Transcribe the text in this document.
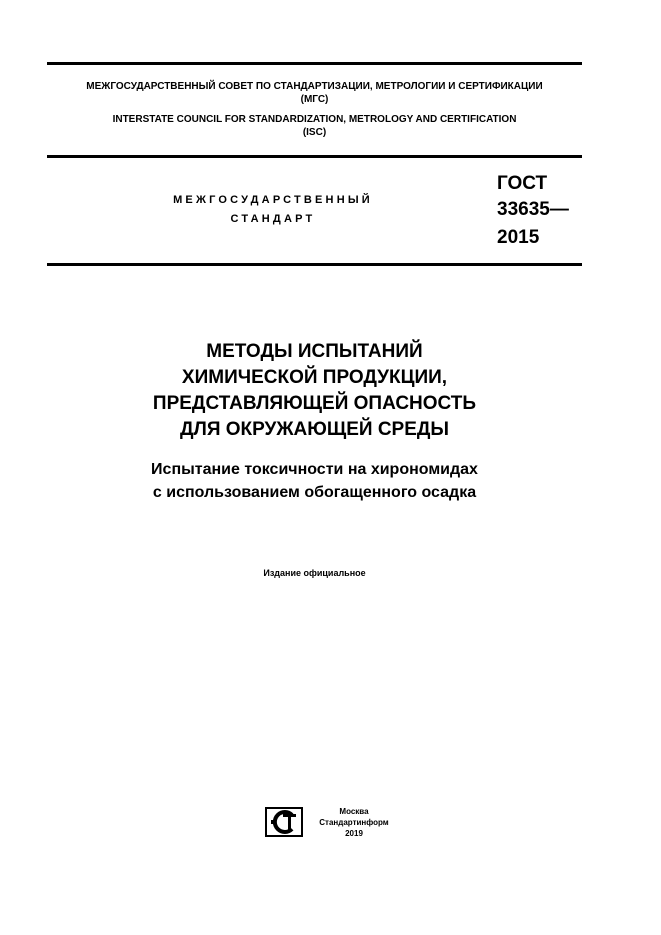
МЕЖГОСУДАРСТВЕННЫЙ СОВЕТ ПО СТАНДАРТИЗАЦИИ, МЕТРОЛОГИИ И СЕРТИФИКАЦИИ
(МГС)
INTERSTATE COUNCIL FOR STANDARDIZATION, METROLOGY AND CERTIFICATION
(ISC)
МЕЖГОСУДАРСТВЕННЫЙ
СТАНДАРТ
ГОСТ
33635—
2015
МЕТОДЫ ИСПЫТАНИЙ
ХИМИЧЕСКОЙ ПРОДУКЦИИ,
ПРЕДСТАВЛЯЮЩЕЙ ОПАСНОСТЬ
ДЛЯ ОКРУЖАЮЩЕЙ СРЕДЫ
Испытание токсичности на хирономидах
с использованием обогащенного осадка
Издание официальное
Москва
Стандартинформ
2019
